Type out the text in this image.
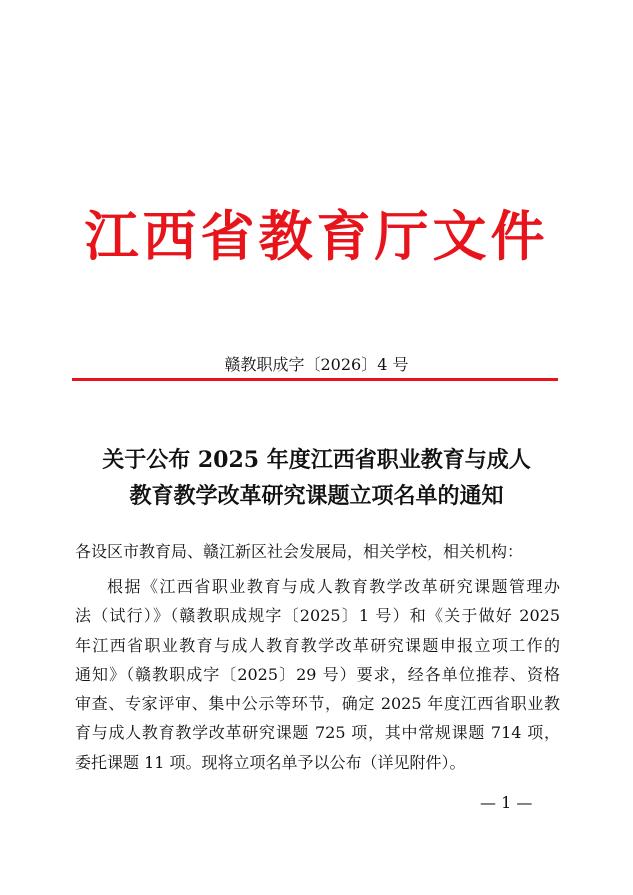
江西省教育厅文件
赣教职成字〔2026〕4 号
关于公布 2025 年度江西省职业教育与成人
教育教学改革研究课题立项名单的通知
各设区市教育局、赣江新区社会发展局，相关学校，相关机构：
根据《江西省职业教育与成人教育教学改革研究课题管理办
法（试行）》（赣教职成规字〔2025〕1 号）和《关于做好 2025
年江西省职业教育与成人教育教学改革研究课题申报立项工作的
通知》（赣教职成字〔2025〕29 号）要求，经各单位推荐、资格
审查、专家评审、集中公示等环节，确定 2025 年度江西省职业教
育与成人教育教学改革研究课题 725 项，其中常规课题 714 项，
委托课题 11 项。现将立项名单予以公布（详见附件）。
— 1 —
